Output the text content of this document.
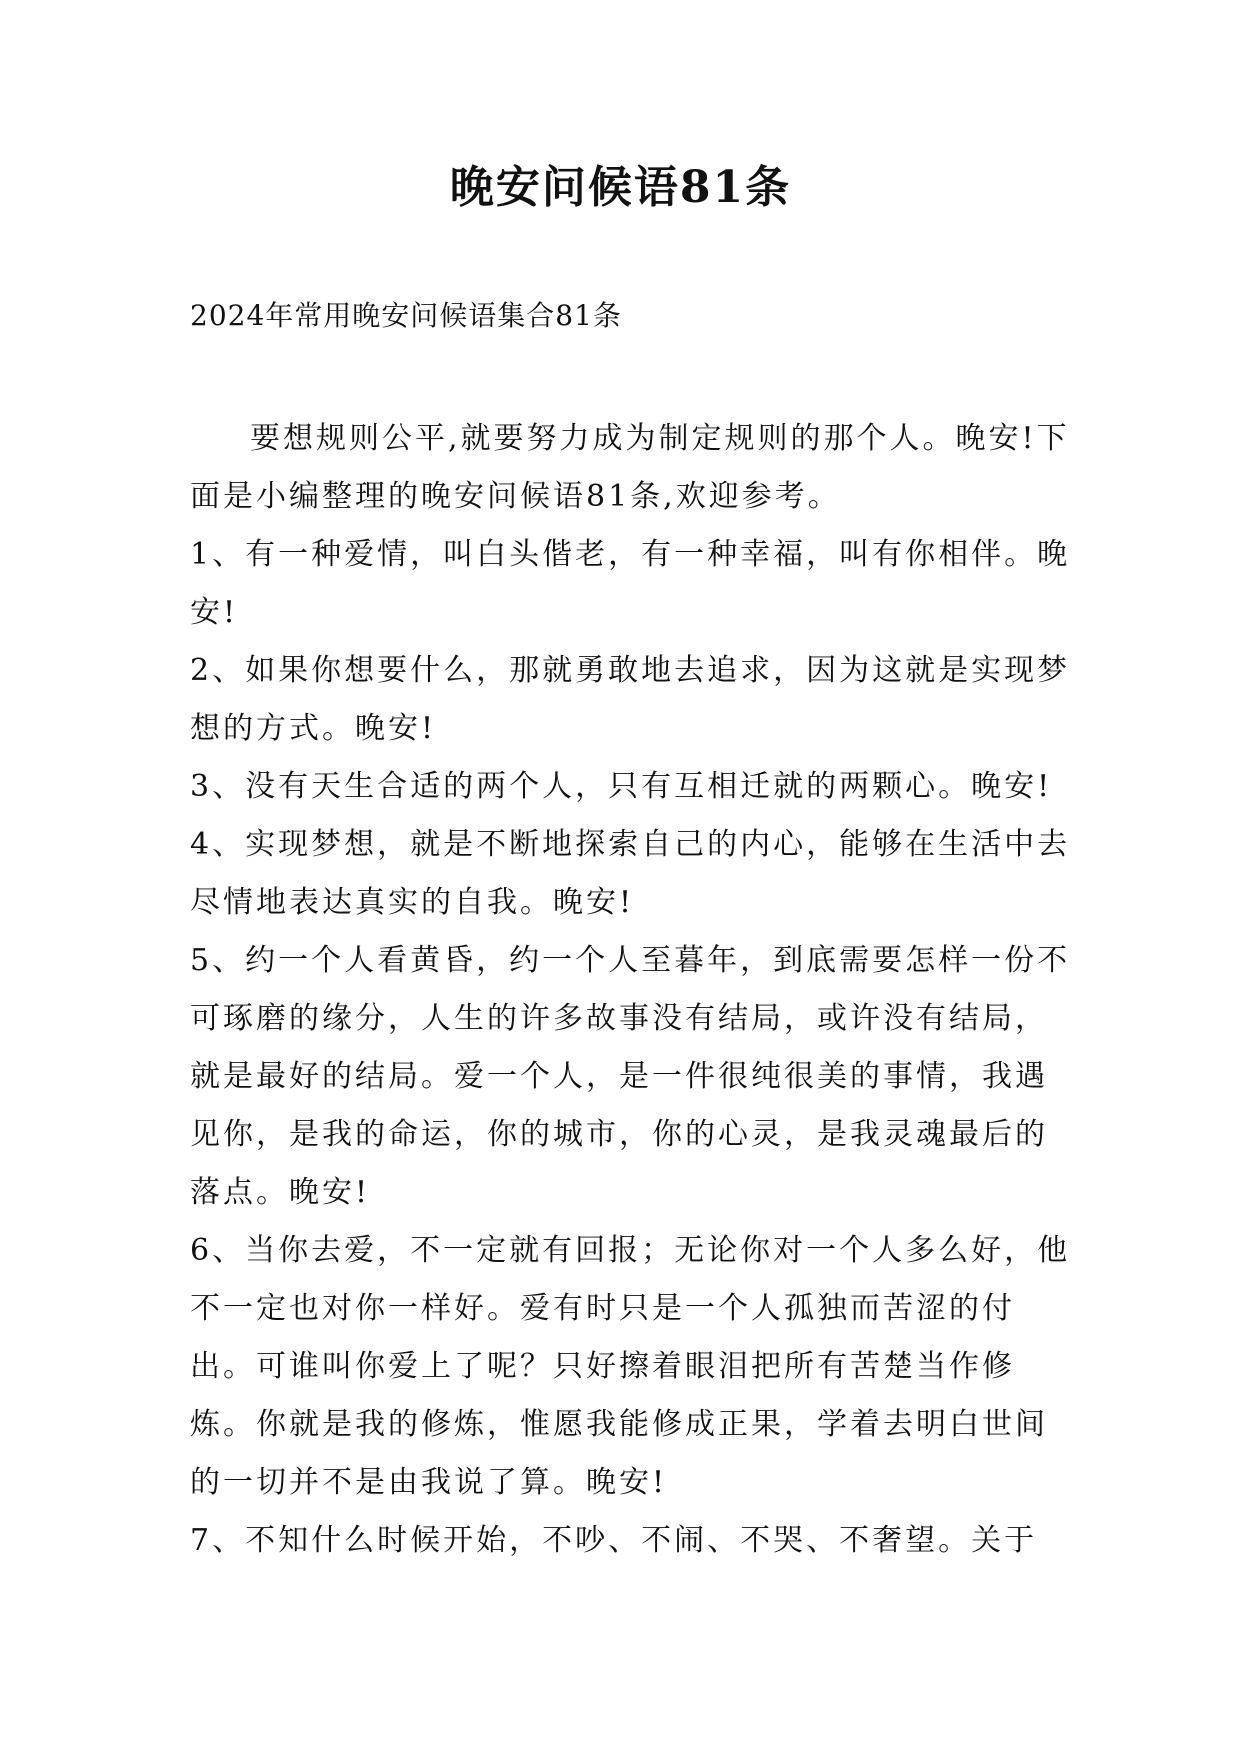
晚安问候语81条
2024年常用晚安问候语集合81条

要想规则公平,就要努力成为制定规则的那个人。晚安!下面是小编整理的晚安问候语81条,欢迎参考。

1、有一种爱情，叫白头偕老，有一种幸福，叫有你相伴。晚安!

2、如果你想要什么，那就勇敢地去追求，因为这就是实现梦想的方式。晚安!

3、没有天生合适的两个人，只有互相迁就的两颗心。晚安!

4、实现梦想，就是不断地探索自己的内心，能够在生活中去尽情地表达真实的自我。晚安!

5、约一个人看黄昏，约一个人至暮年，到底需要怎样一份不可琢磨的缘分，人生的许多故事没有结局，或许没有结局，就是最好的结局。爱一个人，是一件很纯很美的事情，我遇见你，是我的命运，你的城市，你的心灵，是我灵魂最后的落点。晚安!

6、当你去爱，不一定就有回报；无论你对一个人多么好，他不一定也对你一样好。爱有时只是一个人孤独而苦涩的付出。可谁叫你爱上了呢？只好擦着眼泪把所有苦楚当作修炼。你就是我的修炼，惟愿我能修成正果，学着去明白世间的一切并不是由我说了算。晚安!

7、不知什么时候开始，不吵、不闹、不哭、不奢望。关于
